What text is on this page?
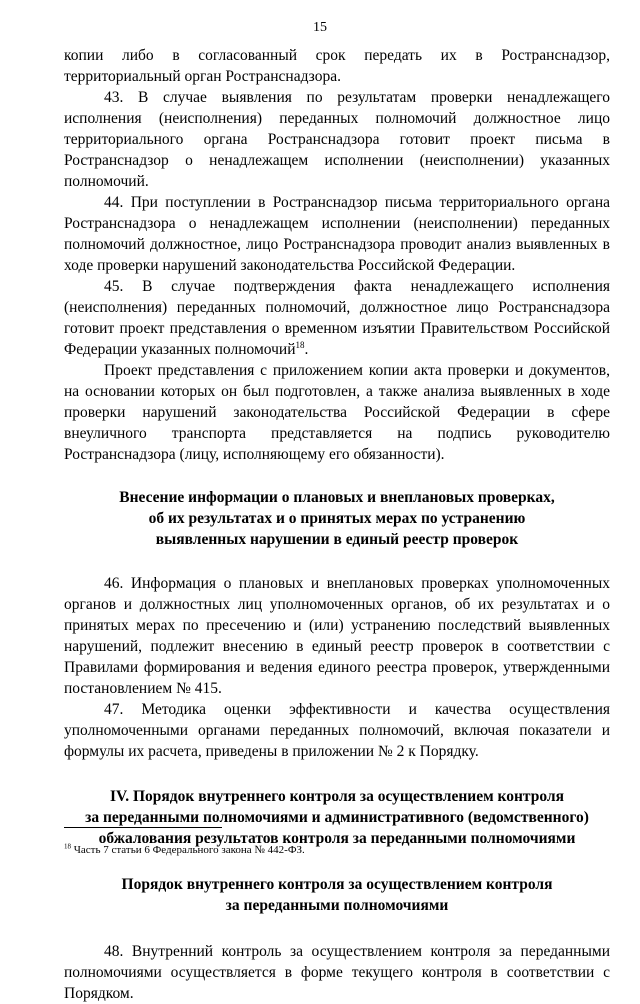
15

копии либо в согласованный срок передать их в Ространснадзор, территориальный орган Ространснадзора.

43. В случае выявления по результатам проверки ненадлежащего исполнения (неисполнения) переданных полномочий должностное лицо территориального органа Ространснадзора готовит проект письма в Ространснадзор о ненадлежащем исполнении (неисполнении) указанных полномочий.

44. При поступлении в Ространснадзор письма территориального органа Ространснадзора о ненадлежащем исполнении (неисполнении) переданных полномочий должностное, лицо Ространснадзора проводит анализ выявленных в ходе проверки нарушений законодательства Российской Федерации.

45. В случае подтверждения факта ненадлежащего исполнения (неисполнения) переданных полномочий, должностное лицо Ространснадзора готовит проект представления о временном изъятии Правительством Российской Федерации указанных полномочий$^{18}$.

Проект представления с приложением копии акта проверки и документов, на основании которых он был подготовлен, а также анализа выявленных в ходе проверки нарушений законодательства Российской Федерации в сфере внеуличного транспорта представляется на подпись руководителю Ространснадзора (лицу, исполняющему его обязанности).

Внесение информации о плановых и внеплановых проверках,
об их результатах и о принятых мерах по устранению
выявленных нарушении в единый реестр проверок

46. Информация о плановых и внеплановых проверках уполномоченных органов и должностных лиц уполномоченных органов, об их результатах и о принятых мерах по пресечению и (или) устранению последствий выявленных нарушений, подлежит внесению в единый реестр проверок в соответствии с Правилами формирования и ведения единого реестра проверок, утвержденными постановлением № 415.

47. Методика оценки эффективности и качества осуществления уполномоченными органами переданных полномочий, включая показатели и формулы их расчета, приведены в приложении № 2 к Порядку.

IV. Порядок внутреннего контроля за осуществлением контроля
за переданными полномочиями и административного (ведомственного)
обжалования результатов контроля за переданными полномочиями
Порядок внутреннего контроля за осуществлением контроля
за переданными полномочиями

48. Внутренний контроль за осуществлением контроля за переданными полномочиями осуществляется в форме текущего контроля в соответствии с Порядком.

$^{18}$ Часть 7 статьи 6 Федерального закона № 442-ФЗ.
